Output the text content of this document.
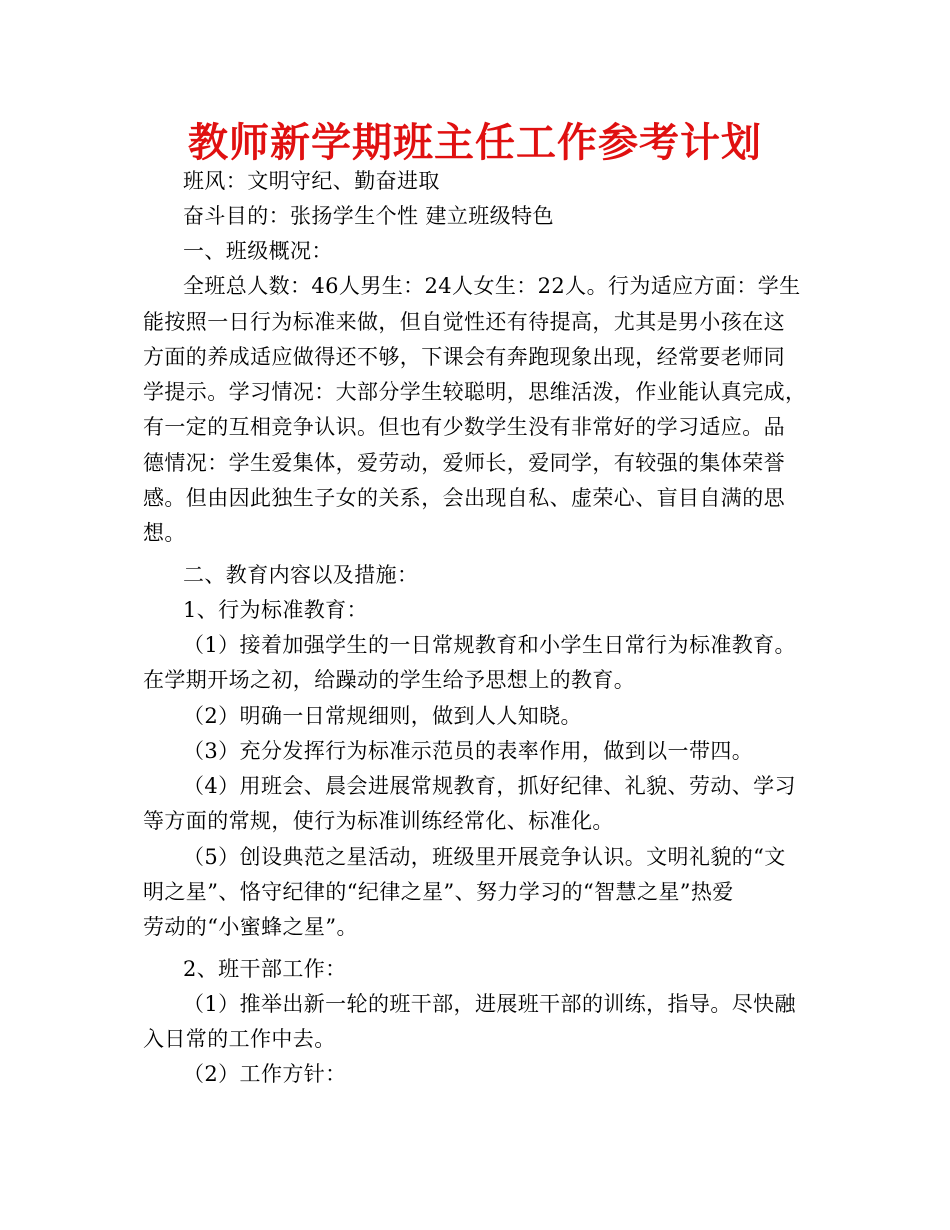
教师新学期班主任工作参考计划
班风：文明守纪、勤奋进取
奋斗目的：张扬学生个性 建立班级特色
一、班级概况：
全班总人数：46人男生：24人女生：22人。行为适应方面：学生
能按照一日行为标准来做，但自觉性还有待提高，尤其是男小孩在这
方面的养成适应做得还不够，下课会有奔跑现象出现，经常要老师同
学提示。学习情况：大部分学生较聪明，思维活泼，作业能认真完成，
有一定的互相竞争认识。但也有少数学生没有非常好的学习适应。品
德情况：学生爱集体，爱劳动，爱师长，爱同学，有较强的集体荣誉
感。但由因此独生子女的关系，会出现自私、虚荣心、盲目自满的思
想。
二、教育内容以及措施：
1、行为标准教育：
（1）接着加强学生的一日常规教育和小学生日常行为标准教育。
在学期开场之初，给躁动的学生给予思想上的教育。
（2）明确一日常规细则，做到人人知晓。
（3）充分发挥行为标准示范员的表率作用，做到以一带四。
（4）用班会、晨会进展常规教育，抓好纪律、礼貌、劳动、学习
等方面的常规，使行为标准训练经常化、标准化。
（5）创设典范之星活动，班级里开展竞争认识。文明礼貌的“文
明之星”、恪守纪律的“纪律之星”、努力学习的“智慧之星”热爱
劳动的“小蜜蜂之星”。
2、班干部工作：
（1）推举出新一轮的班干部，进展班干部的训练，指导。尽快融
入日常的工作中去。
（2）工作方针：
